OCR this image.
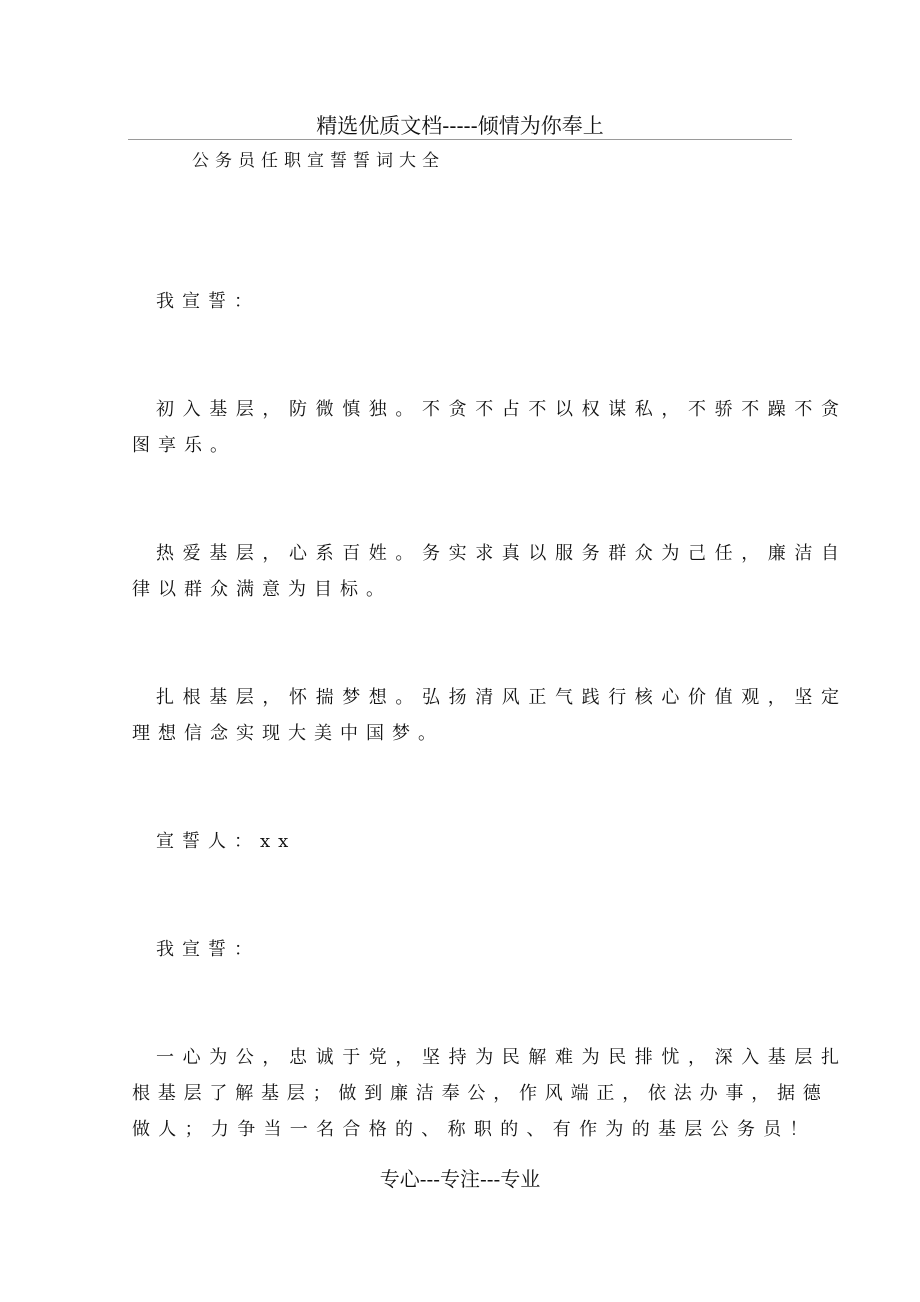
精选优质文档-----倾情为你奉上
公务员任职宣誓誓词大全
我宣誓：
初入基层，防微慎独。不贪不占不以权谋私，不骄不躁不贪
图享乐。
热爱基层，心系百姓。务实求真以服务群众为己任，廉洁自
律以群众满意为目标。
扎根基层，怀揣梦想。弘扬清风正气践行核心价值观，坚定
理想信念实现大美中国梦。
宣誓人：xx
我宣誓：
一心为公，忠诚于党，坚持为民解难为民排忧，深入基层扎
根基层了解基层；做到廉洁奉公，作风端正，依法办事，据德
做人；力争当一名合格的、称职的、有作为的基层公务员！
专心---专注---专业
